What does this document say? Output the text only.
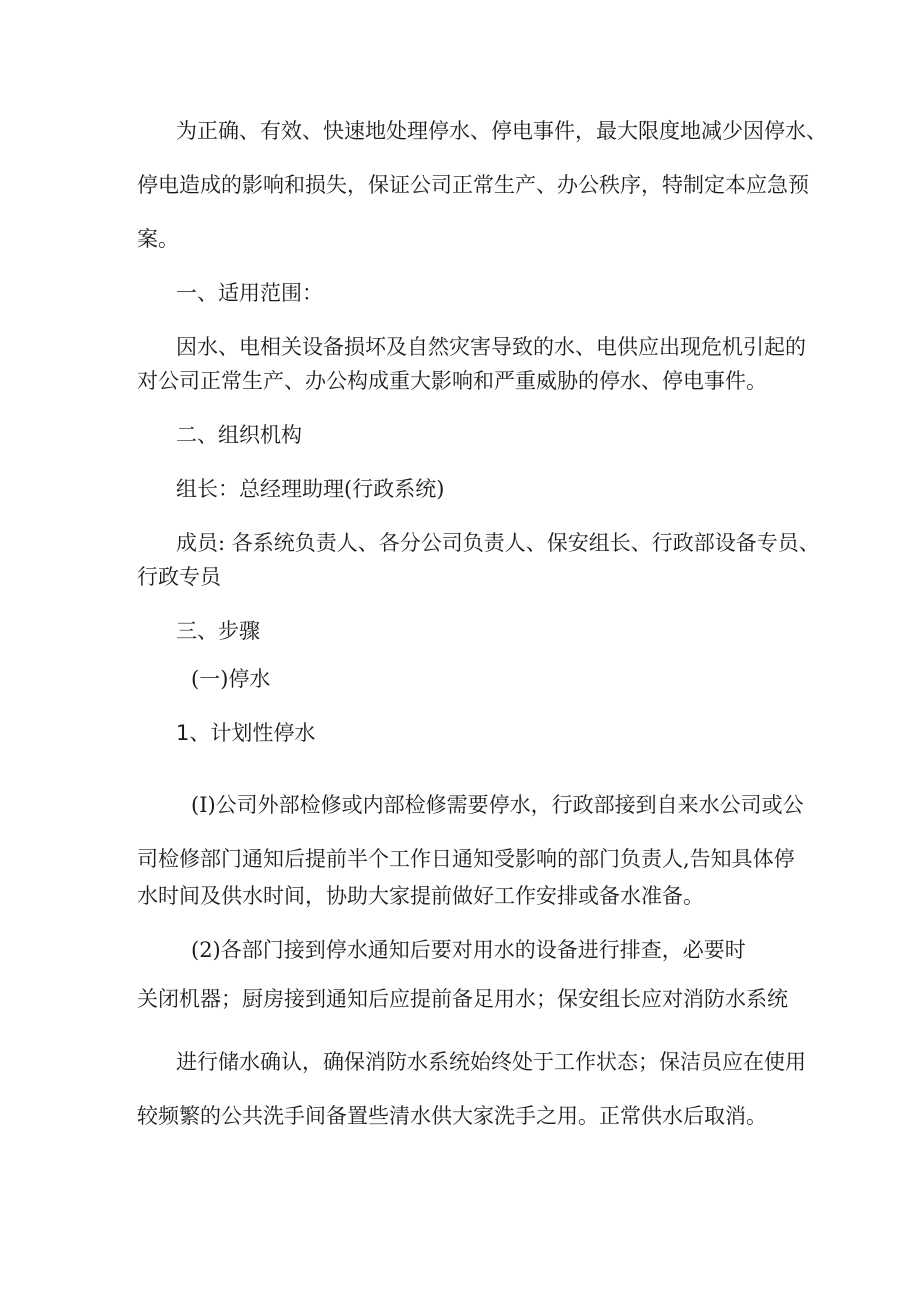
为正确、有效、快速地处理停水、停电事件，最大限度地减少因停水、
停电造成的影响和损失，保证公司正常生产、办公秩序，特制定本应急预
案。
一、适用范围：
因水、电相关设备损坏及自然灾害导致的水、电供应出现危机引起的
对公司正常生产、办公构成重大影响和严重威胁的停水、停电事件。
二、组织机构
组长：总经理助理(行政系统)
成员: 各系统负责人、各分公司负责人、保安组长、行政部设备专员、
行政专员
三、步骤
(一)停水
1、计划性停水
(I)公司外部检修或内部检修需要停水，行政部接到自来水公司或公
司检修部门通知后提前半个工作日通知受影响的部门负责人,告知具体停
水时间及供水时间，协助大家提前做好工作安排或备水准备。
(2)各部门接到停水通知后要对用水的设备进行排查，必要时
关闭机器；厨房接到通知后应提前备足用水；保安组长应对消防水系统
进行储水确认，确保消防水系统始终处于工作状态；保洁员应在使用
较频繁的公共洗手间备置些清水供大家洗手之用。正常供水后取消。
